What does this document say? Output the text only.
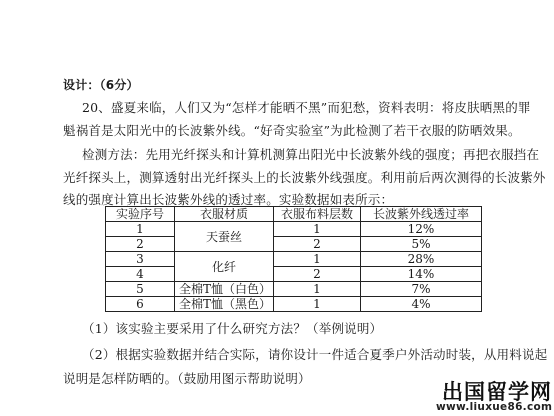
设计：（6分）
20、盛夏来临，人们又为“怎样才能晒不黑”而犯愁，资料表明：将皮肤晒黑的罪
魁祸首是太阳光中的长波紫外线。“好奇实验室”为此检测了若干衣服的防晒效果。
检测方法：先用光纤探头和计算机测算出阳光中长波紫外线的强度；再把衣服挡在
光纤探头上，测算透射出光纤探头上的长波紫外线强度。利用前后两次测得的长波紫外
线的强度计算出长波紫外线的透过率。实验数据如表所示：
实验序号	衣服材质	衣服布料层数	长波紫外线透过率
1	天蚕丝	1	12%
2		2	5%
3	化纤	1	28%
4		2	14%
5	全棉T恤（白色）	1	7%
6	全棉T恤（黑色）	1	4%
（1）该实验主要采用了什么研究方法？（举例说明）
（2）根据实验数据并结合实际，请你设计一件适合夏季户外活动时装，从用料说起
说明是怎样防晒的。（鼓励用图示帮助说明）
出国留学网
www.liuxue86.com
